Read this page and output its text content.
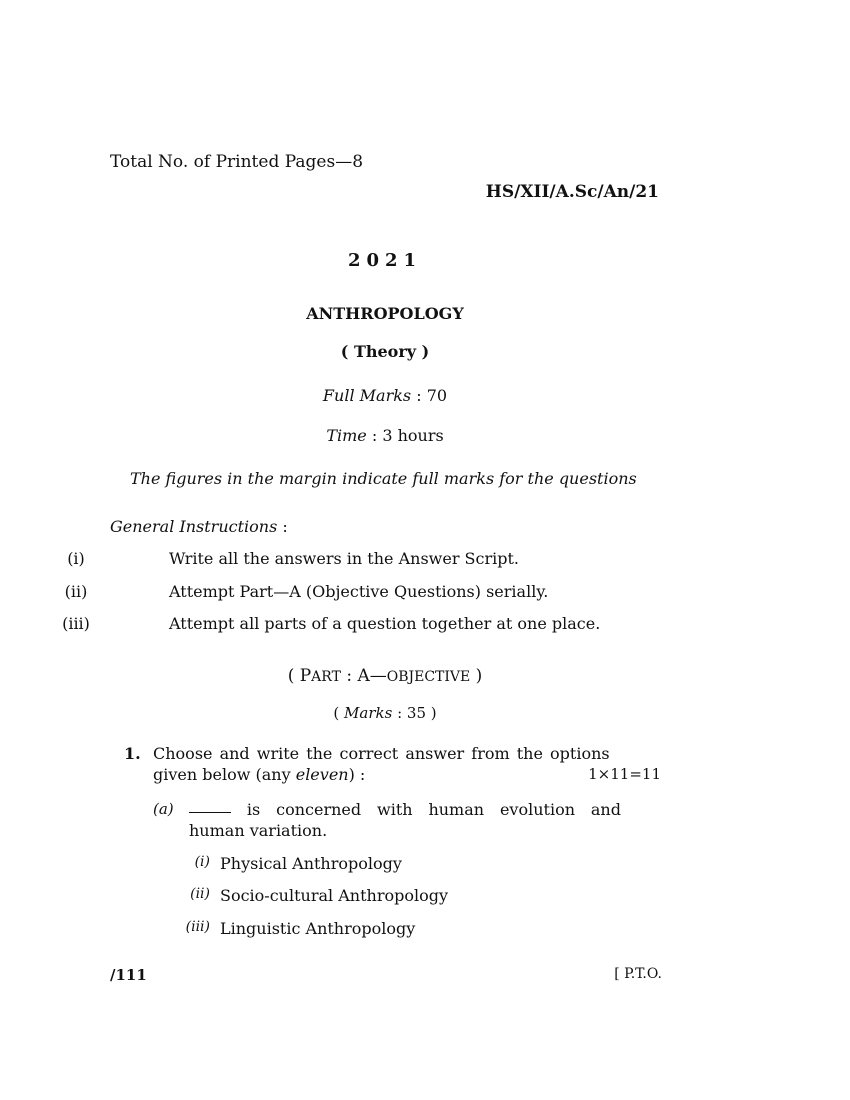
Total No. of Printed Pages—8
HS/XII/A.Sc/An/21
2021
ANTHROPOLOGY
( Theory )
Full Marks : 70
Time : 3 hours
The figures in the margin indicate full marks for the questions
General Instructions :
(i)	Write all the answers in the Answer Script.
(ii)	Attempt Part—A (Objective Questions) serially.
(iii)	Attempt all parts of a question together at one place.
( PART : A—OBJECTIVE )
( Marks : 35 )
1. Choose and write the correct answer from the options
given below (any eleven) :	1×11=11
(a)	is concerned with human evolution and
human variation.
(i) Physical Anthropology
(ii) Socio-cultural Anthropology
(iii) Linguistic Anthropology
/111	[ P.T.O.
